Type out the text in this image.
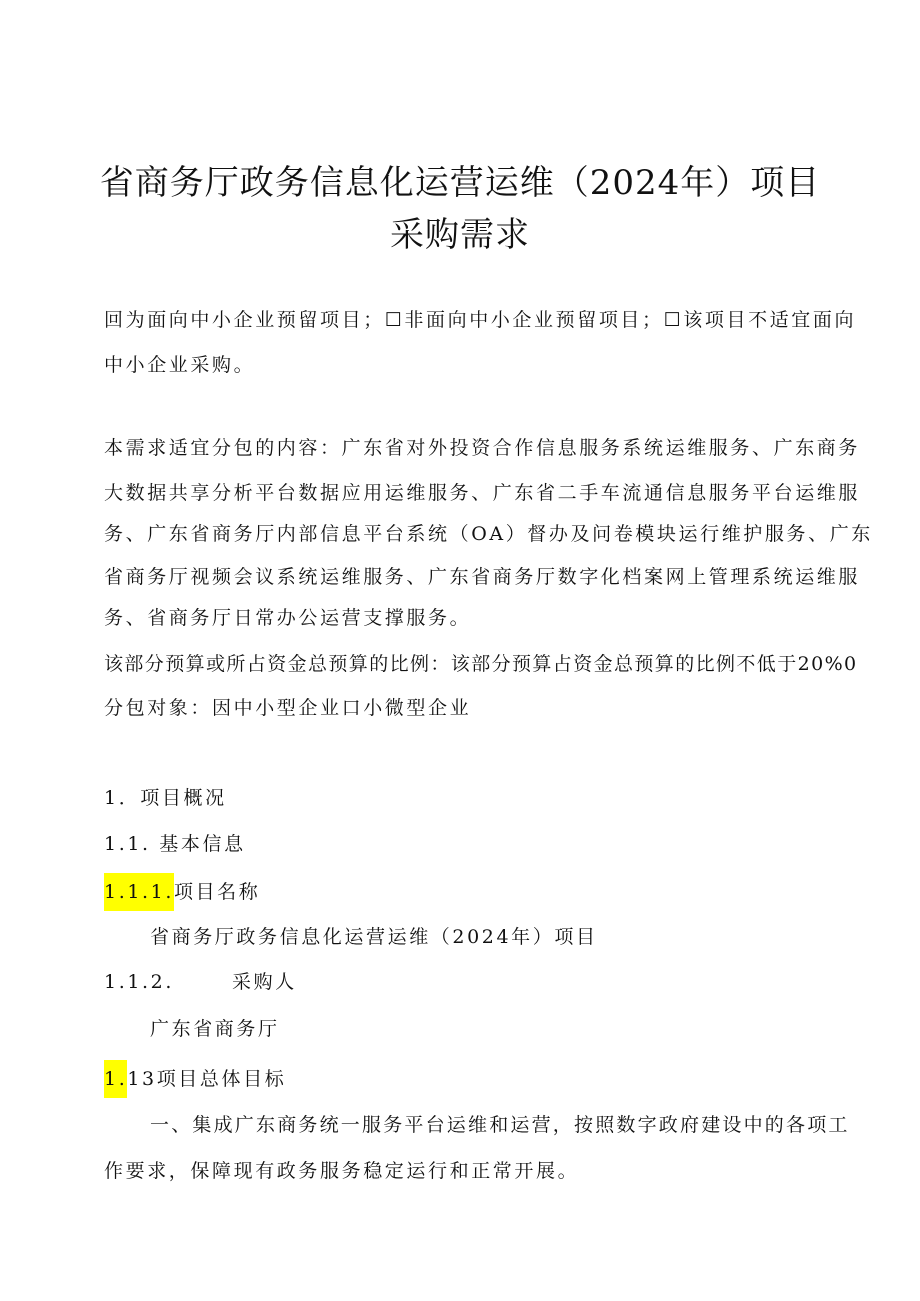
省商务厅政务信息化运营运维（2024年）项目
采购需求
回为面向中小企业预留项目；☐非面向中小企业预留项目；☐该项目不适宜面向
中小企业采购。
本需求适宜分包的内容：广东省对外投资合作信息服务系统运维服务、广东商务
大数据共享分析平台数据应用运维服务、广东省二手车流通信息服务平台运维服
务、广东省商务厅内部信息平台系统（OA）督办及问卷模块运行维护服务、广东
省商务厅视频会议系统运维服务、广东省商务厅数字化档案网上管理系统运维服
务、省商务厅日常办公运营支撑服务。
该部分预算或所占资金总预算的比例：该部分预算占资金总预算的比例不低于20%0
分包对象：因中小型企业口小微型企业
1．项目概况
1.1. 基本信息
1.1.1.项目名称
省商务厅政务信息化运营运维（2024年）项目
1.1.2.	采购人
广东省商务厅
1.13项目总体目标
一、集成广东商务统一服务平台运维和运营，按照数字政府建设中的各项工
作要求，保障现有政务服务稳定运行和正常开展。
